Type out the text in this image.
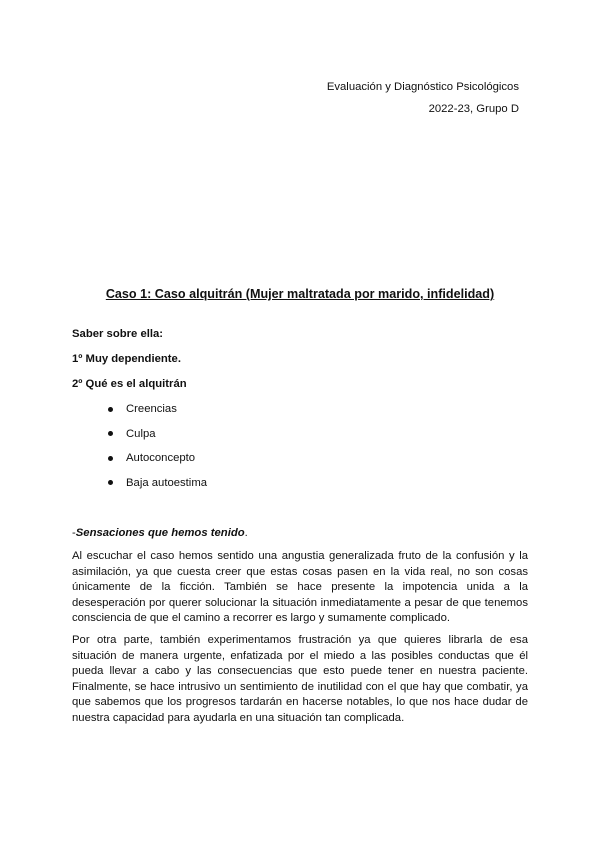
Evaluación y Diagnóstico Psicológicos
2022-23, Grupo D
Caso 1: Caso alquitrán (Mujer maltratada por marido, infidelidad)
Saber sobre ella:
1º Muy dependiente.
2º Qué es el alquitrán
Creencias
Culpa
Autoconcepto
Baja autoestima
-Sensaciones que hemos tenido.

Al escuchar el caso hemos sentido una angustia generalizada fruto de la confusión y la asimilación, ya que cuesta creer que estas cosas pasen en la vida real, no son cosas únicamente de la ficción. También se hace presente la impotencia unida a la desesperación por querer solucionar la situación inmediatamente a pesar de que tenemos consciencia de que el camino a recorrer es largo y sumamente complicado.

Por otra parte, también experimentamos frustración ya que quieres librarla de esa situación de manera urgente, enfatizada por el miedo a las posibles conductas que él pueda llevar a cabo y las consecuencias que esto puede tener en nuestra paciente. Finalmente, se hace intrusivo un sentimiento de inutilidad con el que hay que combatir, ya que sabemos que los progresos tardarán en hacerse notables, lo que nos hace dudar de nuestra capacidad para ayudarla en una situación tan complicada.
